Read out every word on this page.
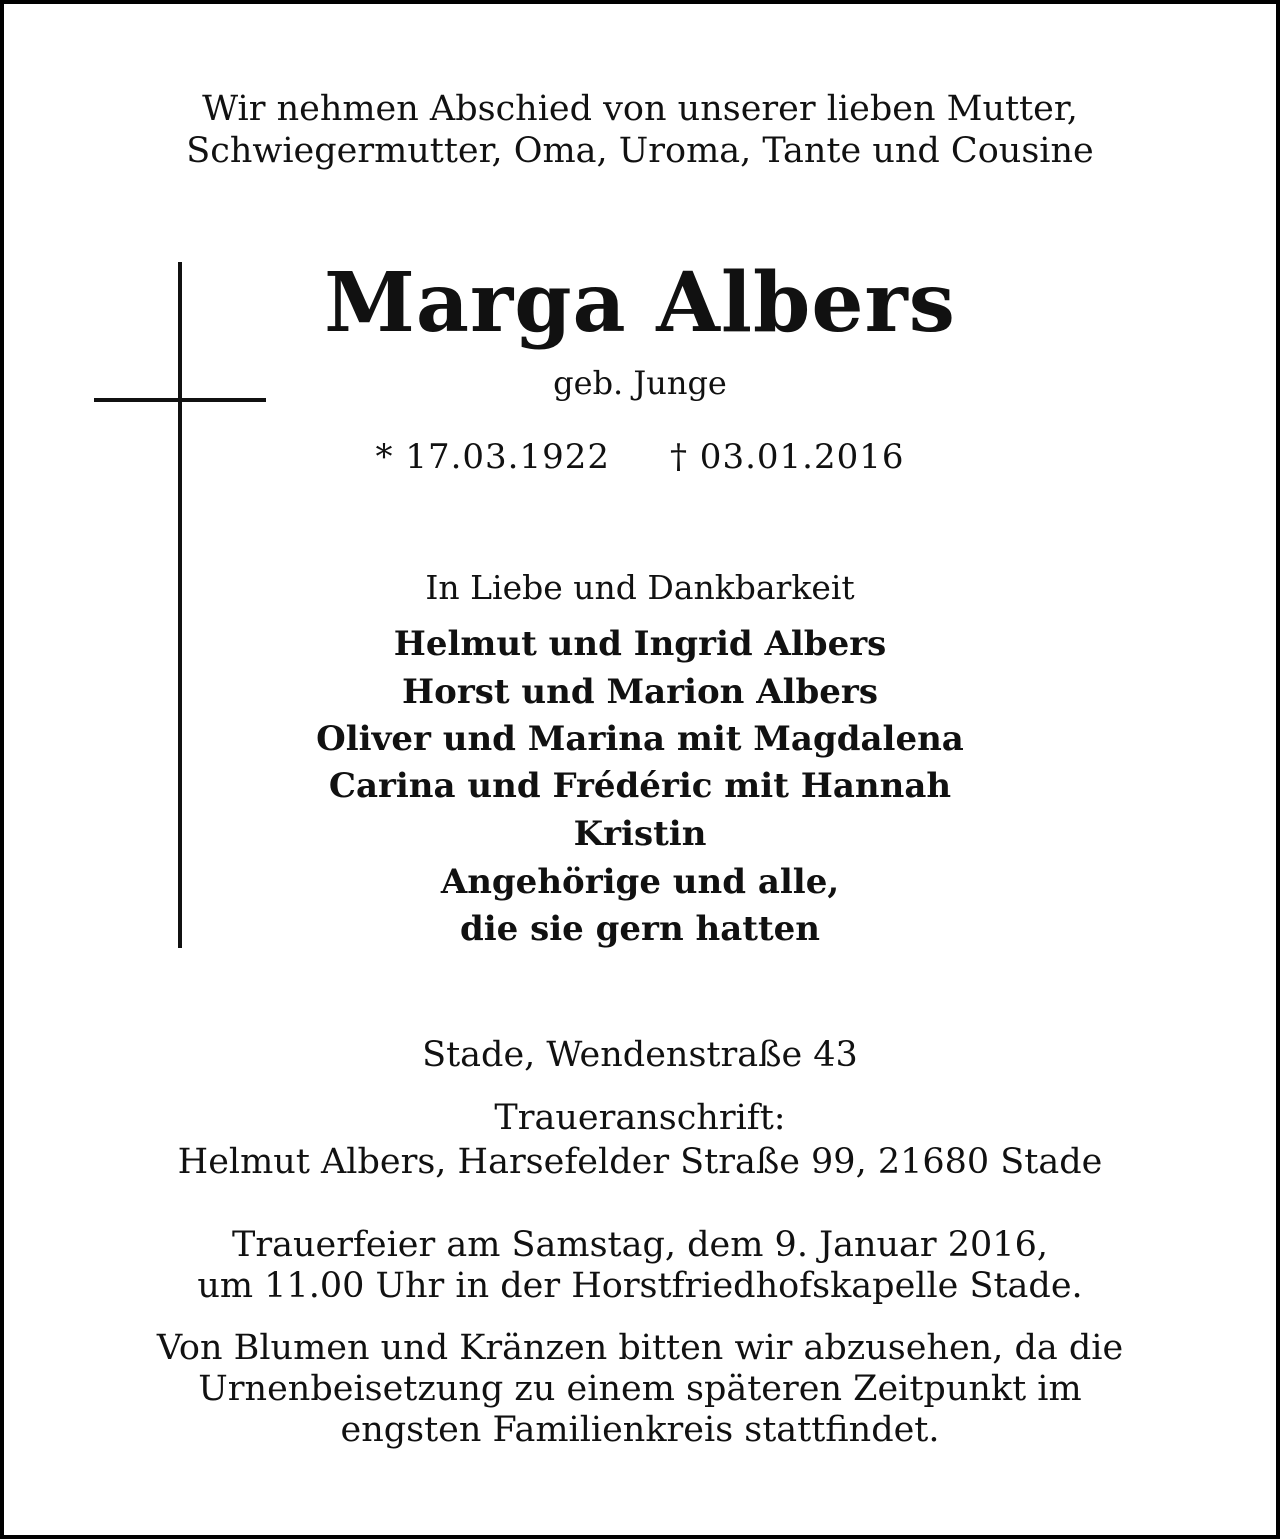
Wir nehmen Abschied von unserer lieben Mutter,
Schwiegermutter, Oma, Uroma, Tante und Cousine
Marga Albers
geb. Junge
* 17.03.1922 † 03.01.2016
In Liebe und Dankbarkeit
Helmut und Ingrid Albers
Horst und Marion Albers
Oliver und Marina mit Magdalena
Carina und Frédéric mit Hannah
Kristin
Angehörige und alle,
die sie gern hatten
Stade, Wendenstraße 43
Traueranschrift:
Helmut Albers, Harsefelder Straße 99, 21680 Stade
Trauerfeier am Samstag, dem 9. Januar 2016,
um 11.00 Uhr in der Horstfriedhofskapelle Stade.
Von Blumen und Kränzen bitten wir abzusehen, da die
Urnenbeisetzung zu einem späteren Zeitpunkt im
engsten Familienkreis stattfindet.
